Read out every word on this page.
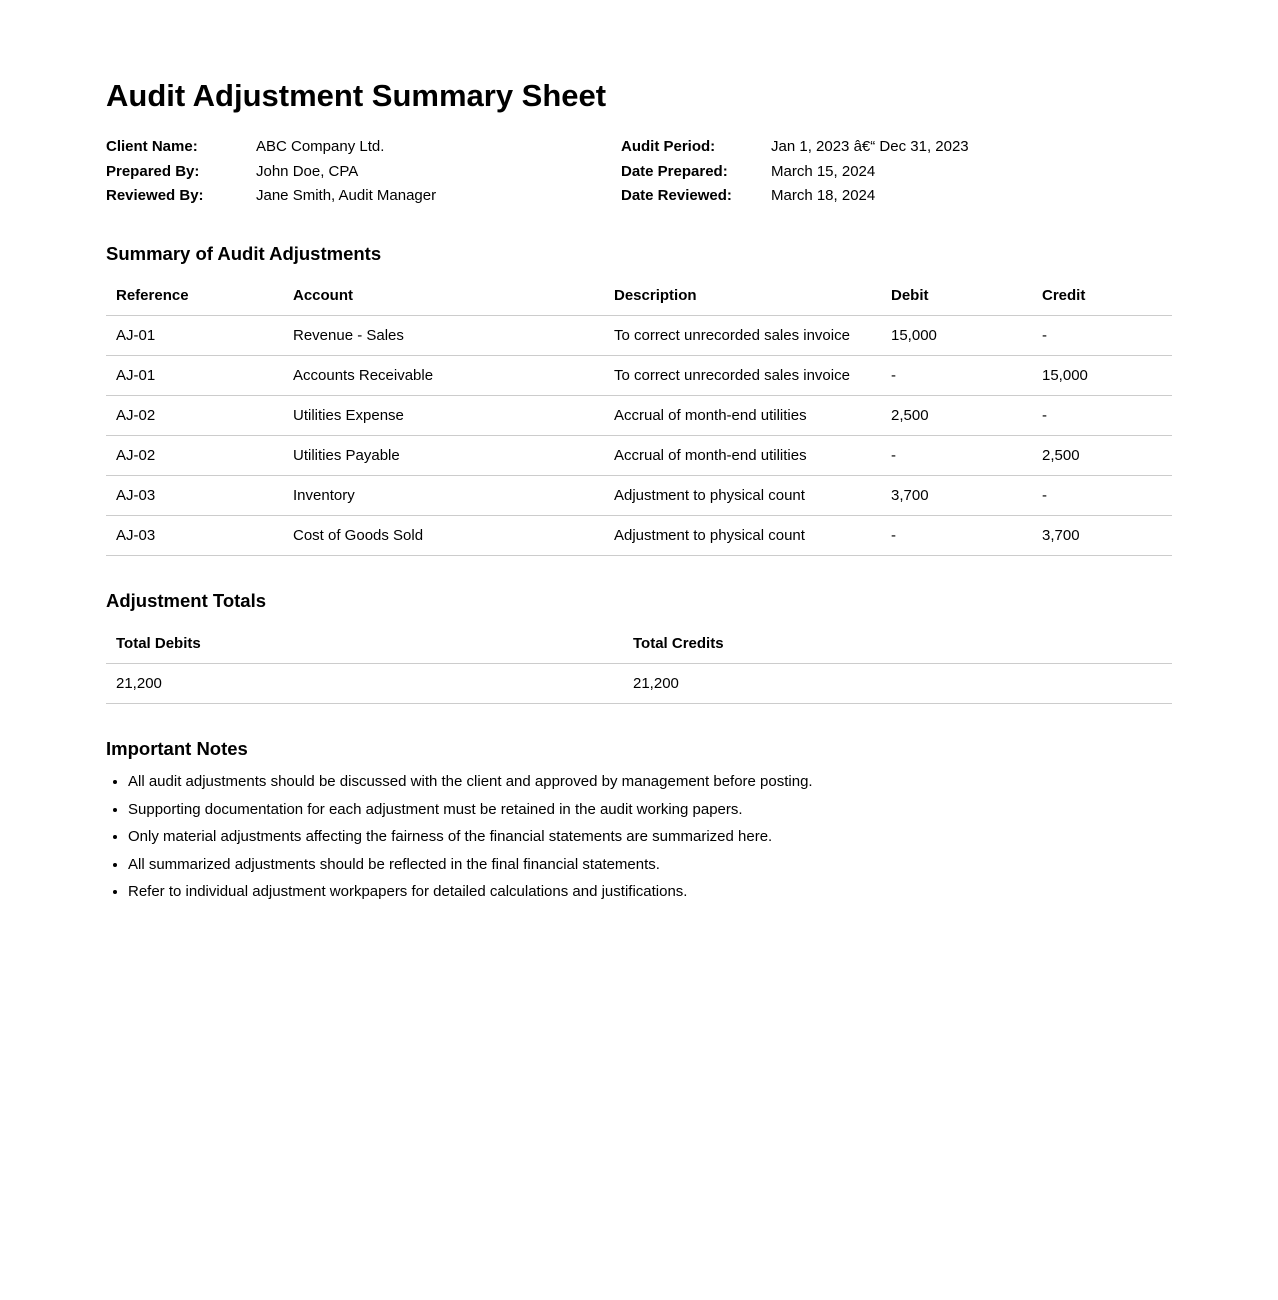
Audit Adjustment Summary Sheet
Client Name:	ABC Company Ltd.	Audit Period:	Jan 1, 2023 â€“ Dec 31, 2023
Prepared By:	John Doe, CPA	Date Prepared:	March 15, 2024
Reviewed By:	Jane Smith, Audit Manager	Date Reviewed:	March 18, 2024
Summary of Audit Adjustments
Reference	Account	Description	Debit	Credit
AJ-01	Revenue - Sales	To correct unrecorded sales invoice	15,000	-
AJ-01	Accounts Receivable	To correct unrecorded sales invoice	-	15,000
AJ-02	Utilities Expense	Accrual of month-end utilities	2,500	-
AJ-02	Utilities Payable	Accrual of month-end utilities	-	2,500
AJ-03	Inventory	Adjustment to physical count	3,700	-
AJ-03	Cost of Goods Sold	Adjustment to physical count	-	3,700
Adjustment Totals
Total Debits	Total Credits
21,200	21,200
Important Notes
• All audit adjustments should be discussed with the client and approved by management before posting.
• Supporting documentation for each adjustment must be retained in the audit working papers.
• Only material adjustments affecting the fairness of the financial statements are summarized here.
• All summarized adjustments should be reflected in the final financial statements.
• Refer to individual adjustment workpapers for detailed calculations and justifications.
